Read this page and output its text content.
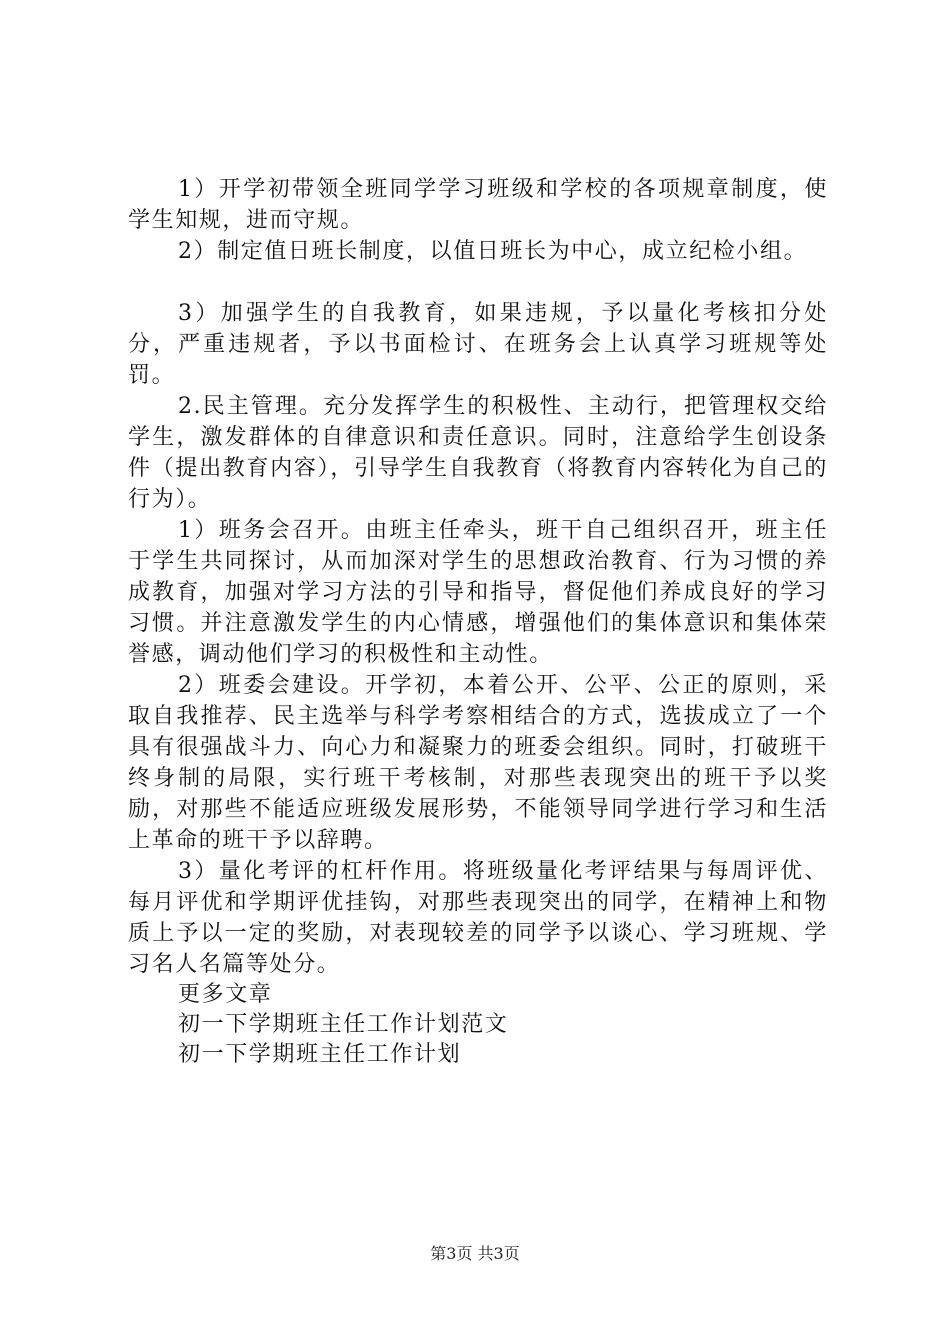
1）开学初带领全班同学学习班级和学校的各项规章制度，使学生知规，进而守规。

2）制定值日班长制度，以值日班长为中心，成立纪检小组。

3）加强学生的自我教育，如果违规，予以量化考核扣分处分，严重违规者，予以书面检讨、在班务会上认真学习班规等处罚。

2.民主管理。充分发挥学生的积极性、主动行，把管理权交给学生，激发群体的自律意识和责任意识。同时，注意给学生创设条件（提出教育内容），引导学生自我教育（将教育内容转化为自己的行为）。

1）班务会召开。由班主任牵头，班干自己组织召开，班主任于学生共同探讨，从而加深对学生的思想政治教育、行为习惯的养成教育，加强对学习方法的引导和指导，督促他们养成良好的学习习惯。并注意激发学生的内心情感，增强他们的集体意识和集体荣誉感，调动他们学习的积极性和主动性。

2）班委会建设。开学初，本着公开、公平、公正的原则，采取自我推荐、民主选举与科学考察相结合的方式，选拔成立了一个具有很强战斗力、向心力和凝聚力的班委会组织。同时，打破班干终身制的局限，实行班干考核制，对那些表现突出的班干予以奖励，对那些不能适应班级发展形势，不能领导同学进行学习和生活上革命的班干予以辞聘。

3）量化考评的杠杆作用。将班级量化考评结果与每周评优、每月评优和学期评优挂钩，对那些表现突出的同学，在精神上和物质上予以一定的奖励，对表现较差的同学予以谈心、学习班规、学习名人名篇等处分。

更多文章

初一下学期班主任工作计划范文

初一下学期班主任工作计划

第3页 共3页
